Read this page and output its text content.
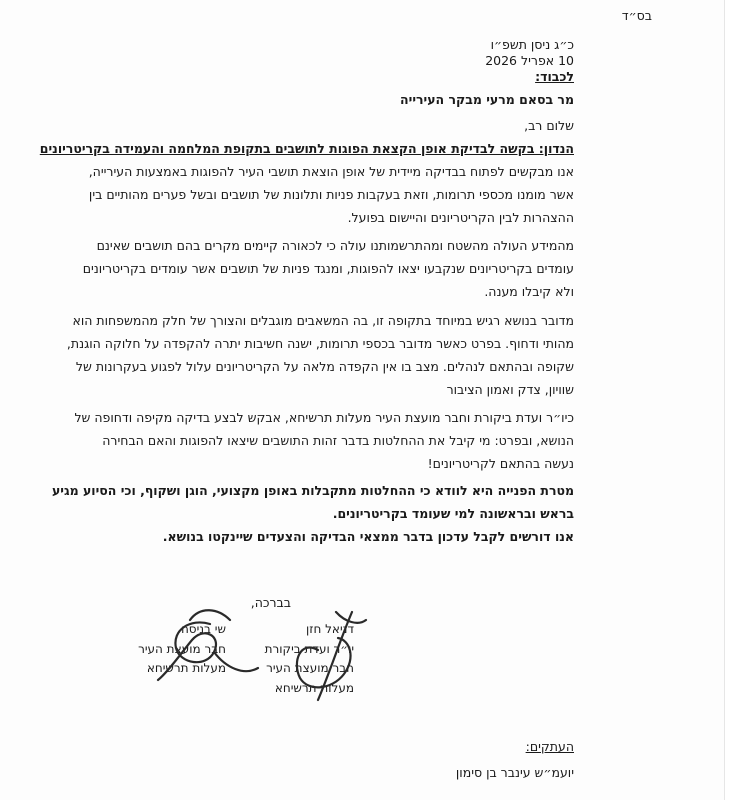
בס״ד
כ״ג ניסן תשפ״ו
10 אפריל 2026
לכבוד:
מר בסאם מרעי מבקר העירייה
שלום רב,
הנדון: בקשה לבדיקת אופן הקצאת הפוגות לתושבים בתקופת המלחמה והעמידה בקריטריונים
אנו מבקשים לפתוח בבדיקה מיידית של אופן הוצאת תושבי העיר להפוגות באמצעות העירייה,
אשר מומנו מכספי תרומות, וזאת בעקבות פניות ותלונות של תושבים ובשל פערים מהותיים בין
ההצהרות לבין הקריטריונים והיישום בפועל.
מהמידע העולה מהשטח ומהתרשמותנו עולה כי לכאורה קיימים מקרים בהם תושבים שאינם
עומדים בקריטריונים שנקבעו יצאו להפוגות, ומנגד פניות של תושבים אשר עומדים בקריטריונים
ולא קיבלו מענה.
מדובר בנושא רגיש במיוחד בתקופה זו, בה המשאבים מוגבלים והצורך של חלק מהמשפחות הוא
מהותי ודחוף. בפרט כאשר מדובר בכספי תרומות, ישנה חשיבות יתרה להקפדה על חלוקה הוגנת,
שקופה ובהתאם לנהלים. מצב בו אין הקפדה מלאה על הקריטריונים עלול לפגוע בעקרונות של
שוויון, צדק ואמון הציבור
כיו״ר ועדת ביקורת וחבר מועצת העיר מעלות תרשיחא, אבקש לבצע בדיקה מקיפה ודחופה של
הנושא, ובפרט: מי קיבל את ההחלטות בדבר זהות התושבים שיצאו להפוגות והאם הבחירה
נעשה בהתאם לקריטריונים!
מטרת הפנייה היא לוודא כי ההחלטות מתקבלות באופן מקצועי, הוגן ושקוף, וכי הסיוע מגיע
בראש ובראשונה למי שעומד בקריטריונים.
אנו דורשים לקבל עדכון בדבר ממצאי הבדיקה והצעדים שיינקטו בנושא.
בברכה,
דניאל חזן
יו״ר ועדת ביקורת
חבר מועצת העיר
מעלות תרשיחא
שי בניסה
חבר מועצת העיר
מעלות תרשיחא
העתקים:
יועמ״ש עינבר בן סימון
